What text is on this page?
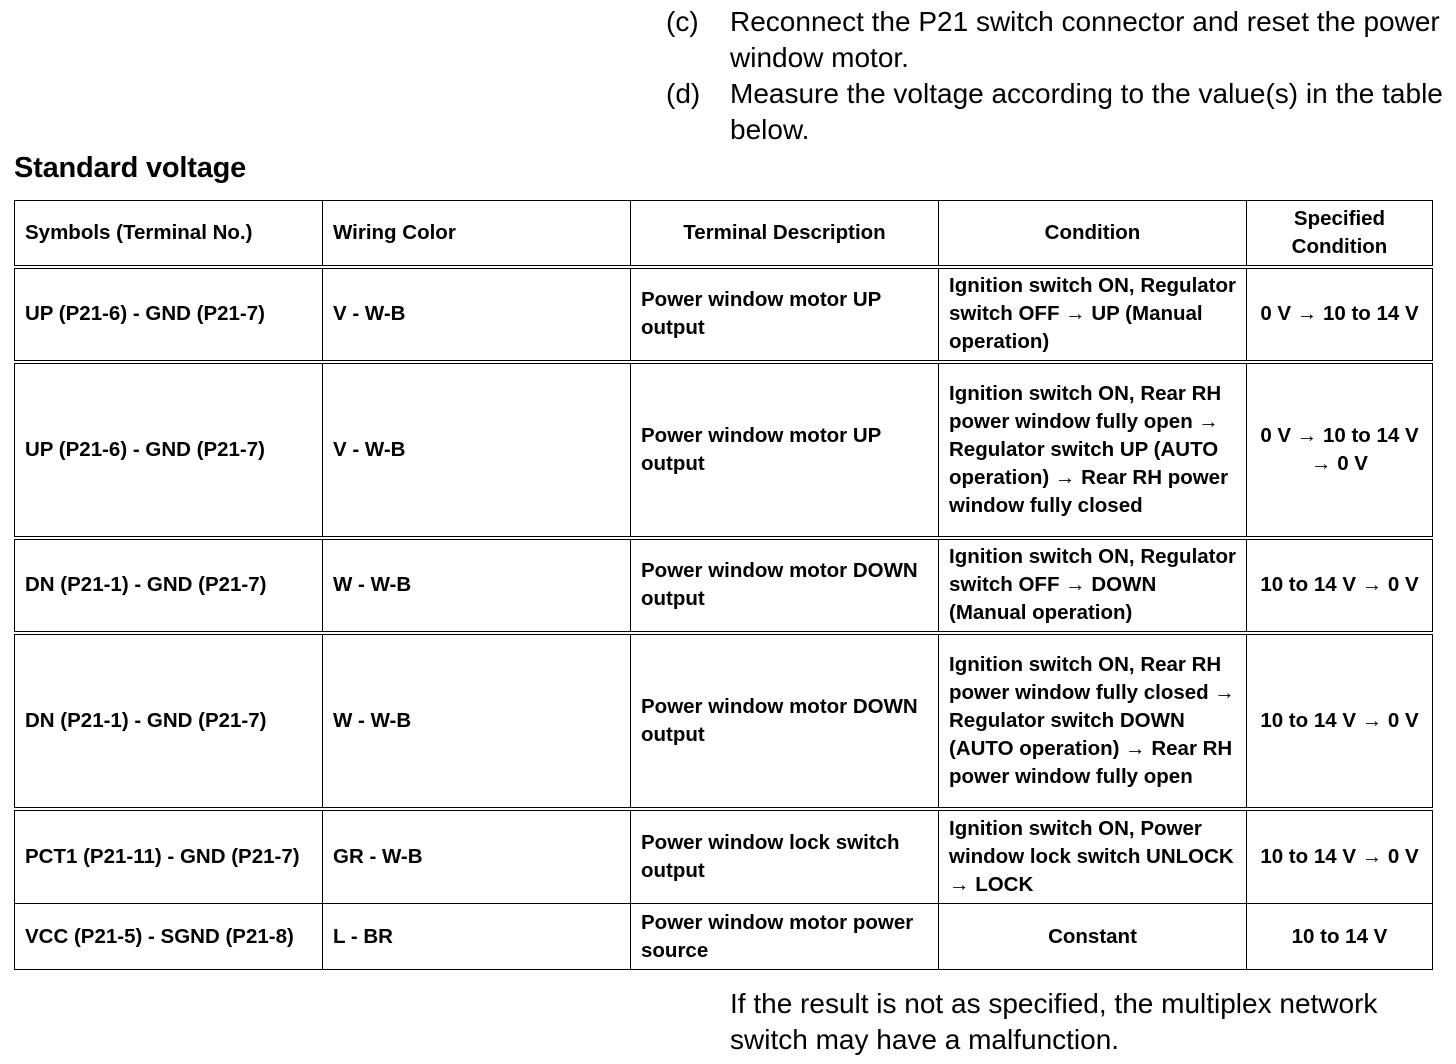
(c)	Reconnect the P21 switch connector and reset the power window motor.
(d)	Measure the voltage according to the value(s) in the table below.
Standard voltage
Symbols (Terminal No.)	Wiring Color	Terminal Description	Condition	Specified Condition
UP (P21-6) - GND (P21-7)	V - W-B	Power window motor UP output	Ignition switch ON, Regulator switch OFF → UP (Manual operation)	0 V → 10 to 14 V
UP (P21-6) - GND (P21-7)	V - W-B	Power window motor UP output	Ignition switch ON, Rear RH power window fully open → Regulator switch UP (AUTO operation) → Rear RH power window fully closed	0 V → 10 to 14 V → 0 V
DN (P21-1) - GND (P21-7)	W - W-B	Power window motor DOWN output	Ignition switch ON, Regulator switch OFF → DOWN (Manual operation)	10 to 14 V → 0 V
DN (P21-1) - GND (P21-7)	W - W-B	Power window motor DOWN output	Ignition switch ON, Rear RH power window fully closed → Regulator switch DOWN (AUTO operation) → Rear RH power window fully open	10 to 14 V → 0 V
PCT1 (P21-11) - GND (P21-7)	GR - W-B	Power window lock switch output	Ignition switch ON, Power window lock switch UNLOCK → LOCK	10 to 14 V → 0 V
VCC (P21-5) - SGND (P21-8)	L - BR	Power window motor power source	Constant	10 to 14 V
If the result is not as specified, the multiplex network switch may have a malfunction.
